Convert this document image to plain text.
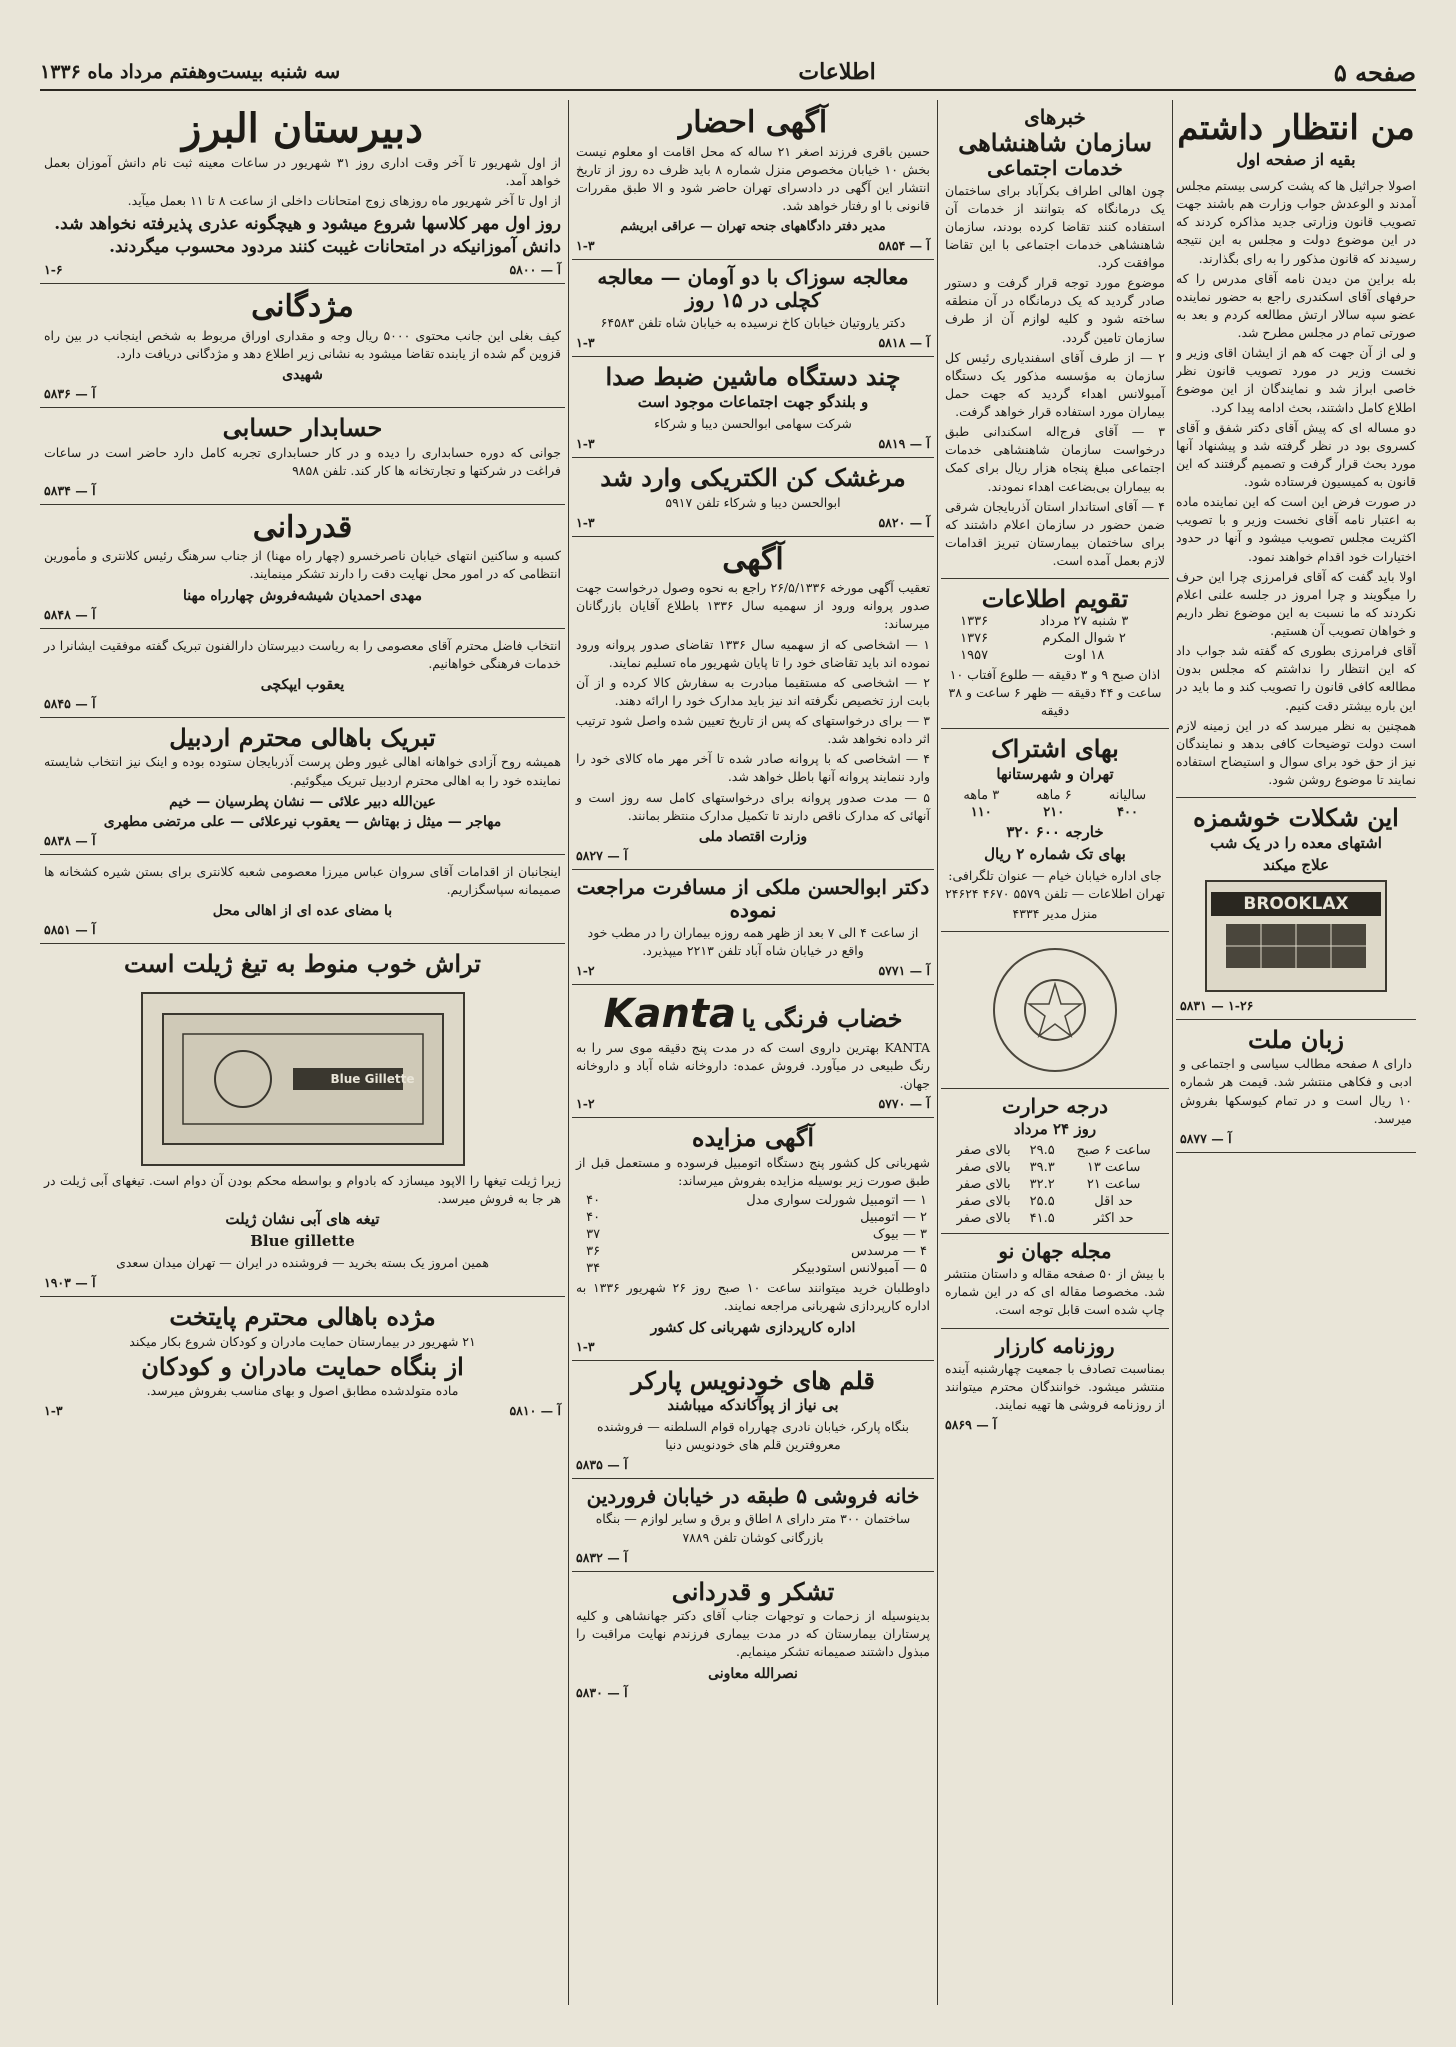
صفحه ۵
اطلاعات
سه شنبه بیست‌وهفتم مرداد ماه ۱۳۳۶
من انتظار داشتم
بقیه از صفحه اول

اصولا جراثیل ها که پشت کرسی بیستم مجلس آمدند و الوعدش جواب وزارت هم باشند جهت تصویب قانون وزارتی جدید مذاکره کردند که در این موضوع دولت و مجلس به این نتیجه رسیدند که قانون مذکور را به رای بگذارند.

بله براین من دیدن نامه آقای مدرس را که حرفهای آقای اسکندری راجع به حضور نماینده عضو سپه سالار ارتش مطالعه کردم و بعد به صورتی تمام در مجلس مطرح شد.

و لی از آن جهت که هم از ایشان اقای وزیر و نخست وزیر در مورد تصویب قانون نظر خاصی ابراز شد و نمایندگان از این موضوع اطلاع کامل داشتند، بحث ادامه پیدا کرد.

دو مساله ای که پیش آقای دکتر شفق و آقای کسروی بود در نظر گرفته شد و پیشنهاد آنها مورد بحث قرار گرفت و تصمیم گرفتند که این قانون به کمیسیون فرستاده شود.

در صورت فرض این است که این نماینده ماده به اعتبار نامه آقای نخست وزیر و با تصویب اکثریت مجلس تصویب میشود و آنها در حدود اختیارات خود اقدام خواهند نمود.

اولا باید گفت که آقای فرامرزی چرا این حرف را میگویند و چرا امروز در جلسه علنی اعلام نکردند که ما نسبت به این موضوع نظر داریم و خواهان تصویب آن هستیم.

آقای فرامرزی بطوری که گفته شد جواب داد که این انتظار را نداشتم که مجلس بدون مطالعه کافی قانون را تصویب کند و ما باید در این باره بیشتر دقت کنیم.

همچنین به نظر میرسد که در این زمینه لازم است دولت توضیحات کافی بدهد و نمایندگان نیز از حق خود برای سوال و استیضاح استفاده نمایند تا موضوع روشن شود.

این شکلات خوشمزه
اشتهای معده را در یک شب
علاج میکند
BROOKLAX
۵۸۳۱ — ۱-۲۶
زبان ملت

دارای ۸ صفحه مطالب سیاسی و اجتماعی و ادبی و فکاهی منتشر شد. قیمت هر شماره ۱۰ ریال است و در تمام کیوسکها بفروش میرسد.

آ — ۵۸۷۷
خبرهای
سازمان شاهنشاهی
خدمات اجتماعی

چون اهالی اطراف بکرآباد برای ساختمان یک درمانگاه که بتوانند از خدمات آن استفاده کنند تقاضا کرده بودند، سازمان شاهنشاهی خدمات اجتماعی با این تقاضا موافقت کرد.

موضوع مورد توجه قرار گرفت و دستور صادر گردید که یک درمانگاه در آن منطقه ساخته شود و کلیه لوازم آن از طرف سازمان تامین گردد.

۲ — از طرف آقای اسفندیاری رئیس کل سازمان به مؤسسه مذکور یک دستگاه آمبولانس اهداء گردید که جهت حمل بیماران مورد استفاده قرار خواهد گرفت.

۳ — آقای فرج‌اله اسکندانی طبق درخواست سازمان شاهنشاهی خدمات اجتماعی مبلغ پنجاه هزار ریال برای کمک به بیماران بی‌بضاعت اهداء نمودند.

۴ — آقای استاندار استان آذربایجان شرقی ضمن حضور در سازمان اعلام داشتند که برای ساختمان بیمارستان تبریز اقدامات لازم بعمل آمده است.

تقویم اطلاعات
۳ شنبه ۲۷ مرداد	۱۳۳۶
۲ شوال المکرم	۱۳۷۶
۱۸ اوت	۱۹۵۷

اذان صبح ۹ و ۳ دقیقه — طلوع آفتاب ۱۰ ساعت و ۴۴ دقیقه — ظهر ۶ ساعت و ۳۸ دقیقه

بهای اشتراک
تهران و شهرستانها
سالیانه	۶ ماهه	۳ ماهه
۴۰۰	۲۱۰	۱۱۰
خارجه ۶۰۰ ۳۲۰
بهای تک شماره ۲ ریال

جای اداره خیابان خیام — عنوان تلگرافی: تهران اطلاعات — تلفن ۵۵۷۹ ۴۶۷۰ ۲۴۶۲۴

منزل مدیر ۴۳۳۴

درجه حرارت
روز ۲۴ مرداد
ساعت ۶ صبح	۲۹.۵	بالای صفر
ساعت ۱۳	۳۹.۳	بالای صفر
ساعت ۲۱	۳۲.۲	بالای صفر
حد اقل	۲۵.۵	بالای صفر
حد اکثر	۴۱.۵	بالای صفر
مجله جهان نو

با بیش از ۵۰ صفحه مقاله و داستان منتشر شد. مخصوصا مقاله ای که در این شماره چاپ شده است قابل توجه است.

روزنامه کارزار

بمناسبت تصادف با جمعیت چهارشنبه آینده منتشر میشود. خوانندگان محترم میتوانند از روزنامه فروشی ها تهیه نمایند.

آ — ۵۸۶۹
آگهی احضار

حسین باقری فرزند اصغر ۲۱ ساله که محل اقامت او معلوم نیست بخش ۱۰ خیابان مخصوص منزل شماره ۸ باید ظرف ده روز از تاریخ انتشار این آگهی در دادسرای تهران حاضر شود و الا طبق مقررات قانونی با او رفتار خواهد شد.

مدیر دفتر دادگاههای جنحه تهران — عراقی ابریشم

۱-۳	آ — ۵۸۵۴
معالجه سوزاک با دو آومان — معالجه کچلی در ۱۵ روز

دکتر یاروتیان خیابان کاخ نرسیده به خیابان شاه تلفن ۶۴۵۸۳

۱-۳	آ — ۵۸۱۸
چند دستگاه ماشین ضبط صدا
و بلندگو جهت اجتماعات موجود است

شرکت سهامی ابوالحسن دیبا و شرکاء

۱-۳	آ — ۵۸۱۹
مرغشک کن الکتریکی وارد شد

ابوالحسن دیبا و شرکاء تلفن ۵۹۱۷

۱-۳	آ — ۵۸۲۰
آگهی

تعقیب آگهی مورخه ۲۶/۵/۱۳۳۶ راجع به نحوه وصول درخواست جهت صدور پروانه ورود از سهمیه سال ۱۳۳۶ باطلاع آقایان بازرگانان میرساند:

۱ — اشخاصی که از سهمیه سال ۱۳۳۶ تقاضای صدور پروانه ورود نموده اند باید تقاضای خود را تا پایان شهریور ماه تسلیم نمایند.

۲ — اشخاصی که مستقیما مبادرت به سفارش کالا کرده و از آن بابت ارز تخصیص نگرفته اند نیز باید مدارک خود را ارائه دهند.

۳ — برای درخواستهای که پس از تاریخ تعیین شده واصل شود ترتیب اثر داده نخواهد شد.

۴ — اشخاصی که با پروانه صادر شده تا آخر مهر ماه کالای خود را وارد ننمایند پروانه آنها باطل خواهد شد.

۵ — مدت صدور پروانه برای درخواستهای کامل سه روز است و آنهائی که مدارک ناقص دارند تا تکمیل مدارک منتظر بمانند.

وزارت اقتصاد ملی
آ — ۵۸۲۷
دکتر ابوالحسن ملکی از مسافرت مراجعت نموده

از ساعت ۴ الی ۷ بعد از ظهر همه روزه بیماران را در مطب خود واقع در خیابان شاه آباد تلفن ۲۲۱۳ میپذیرد.

۱-۲	آ — ۵۷۷۱
خضاب فرنگی یا Kanta

KANTA بهترین داروی است که در مدت پنج دقیقه موی سر را به رنگ طبیعی در میآورد. فروش عمده: داروخانه شاه آباد و داروخانه جهان.

۱-۲	آ — ۵۷۷۰
آگهی مزایده

شهربانی کل کشور پنج دستگاه اتومبیل فرسوده و مستعمل قبل از طبق صورت زیر بوسیله مزایده بفروش میرساند:

۱ — اتومبیل شورلت سواری مدل	۴۰
۲ — اتومبیل	۴۰
۳ — بیوک	۳۷
۴ — مرسدس	۳۶
۵ — آمبولانس استودبیکر	۳۴

داوطلبان خرید میتوانند ساعت ۱۰ صبح روز ۲۶ شهریور ۱۳۳۶ به اداره کارپردازی شهربانی مراجعه نمایند.

اداره کارپردازی شهربانی کل کشور
۱-۳
قلم های خودنویس پارکر
بی نیاز از پوآکاندکه میباشند

بنگاه پارکر، خیابان نادری چهارراه قوام السلطنه — فروشنده معروفترین قلم های خودنویس دنیا

آ — ۵۸۳۵
خانه فروشی ۵ طبقه در خیابان فروردین

ساختمان ۳۰۰ متر دارای ۸ اطاق و برق و سایر لوازم — بنگاه بازرگانی کوشان تلفن ۷۸۸۹

آ — ۵۸۳۲
تشکر و قدردانی

بدینوسیله از زحمات و توجهات جناب آقای دکتر جهانشاهی و کلیه پرستاران بیمارستان که در مدت بیماری فرزندم نهایت مراقبت را مبذول داشتند صمیمانه تشکر مینمایم.

نصرالله معاونی
آ — ۵۸۳۰
دبیرستان البرز

از اول شهریور تا آخر وقت اداری روز ۳۱ شهریور در ساعات معینه ثبت نام دانش آموزان بعمل خواهد آمد.

از اول تا آخر شهریور ماه روزهای زوج امتحانات داخلی از ساعت ۸ تا ۱۱ بعمل میآید.

روز اول مهر کلاسها شروع میشود و هیچگونه عذری پذیرفته نخواهد شد. دانش آموزانیکه در امتحانات غیبت کنند مردود محسوب میگردند.

۱-۶	آ — ۵۸۰۰
مژدگانی

کیف بغلی این جانب محتوی ۵۰۰۰ ریال وجه و مقداری اوراق مربوط به شخص اینجانب در بین راه قزوین گم شده از یابنده تقاضا میشود به نشانی زیر اطلاع دهد و مژدگانی دریافت دارد.

شهیدی
آ — ۵۸۳۶
حسابدار حسابی

جوانی که دوره حسابداری را دیده و در کار حسابداری تجربه کامل دارد حاضر است در ساعات فراغت در شرکتها و تجارتخانه ها کار کند. تلفن ۹۸۵۸

آ — ۵۸۳۴
قدردانی

کسبه و ساکنین انتهای خیابان ناصرخسرو (چهار راه مهنا) از جناب سرهنگ رئیس کلانتری و مأمورین انتظامی که در امور محل نهایت دقت را دارند تشکر مینمایند.

مهدی احمدیان شیشه‌فروش چهارراه مهنا
آ — ۵۸۴۸

انتخاب فاضل محترم آقای معصومی را به ریاست دبیرستان دارالفنون تبریک گفته موفقیت ایشانرا در خدمات فرهنگی خواهانیم.

یعقوب ایپکچی
آ — ۵۸۴۵
تبریک باهالی محترم اردبیل

همیشه روح آزادی خواهانه اهالی غیور وطن پرست آذربایجان ستوده بوده و اینک نیز انتخاب شایسته نماینده خود را به اهالی محترم اردبیل تبریک میگوئیم.

عین‌الله دبیر علائی — نشان پطرسیان — خیم
مهاجر — میثل ز بهتاش — یعقوب نیرعلائی — علی مرتضی مطهری
آ — ۵۸۳۸

اینجانبان از اقدامات آقای سروان عباس میرزا معصومی شعبه کلانتری برای بستن شیره کشخانه ها صمیمانه سپاسگزاریم.

با مضای عده ای از اهالی محل
آ — ۵۸۵۱
تراش خوب منوط به تیغ ژیلت است
Blue Gillette

زیرا ژیلت تیغها را الاپود میسازد که بادوام و بواسطه محکم بودن آن دوام است. تیغهای آبی ژیلت در هر جا به فروش میرسد.

تیغه های آبی نشان ژیلت
Blue gillette

همین امروز یک بسته بخرید — فروشنده در ایران — تهران میدان سعدی

آ — ۱۹۰۳
مژده باهالی محترم پایتخت

۲۱ شهریور در بیمارستان حمایت مادران و کودکان شروع بکار میکند

از بنگاه حمایت مادران و کودکان

ماده متولدشده مطابق اصول و بهای مناسب بفروش میرسد.

۱-۳	آ — ۵۸۱۰
